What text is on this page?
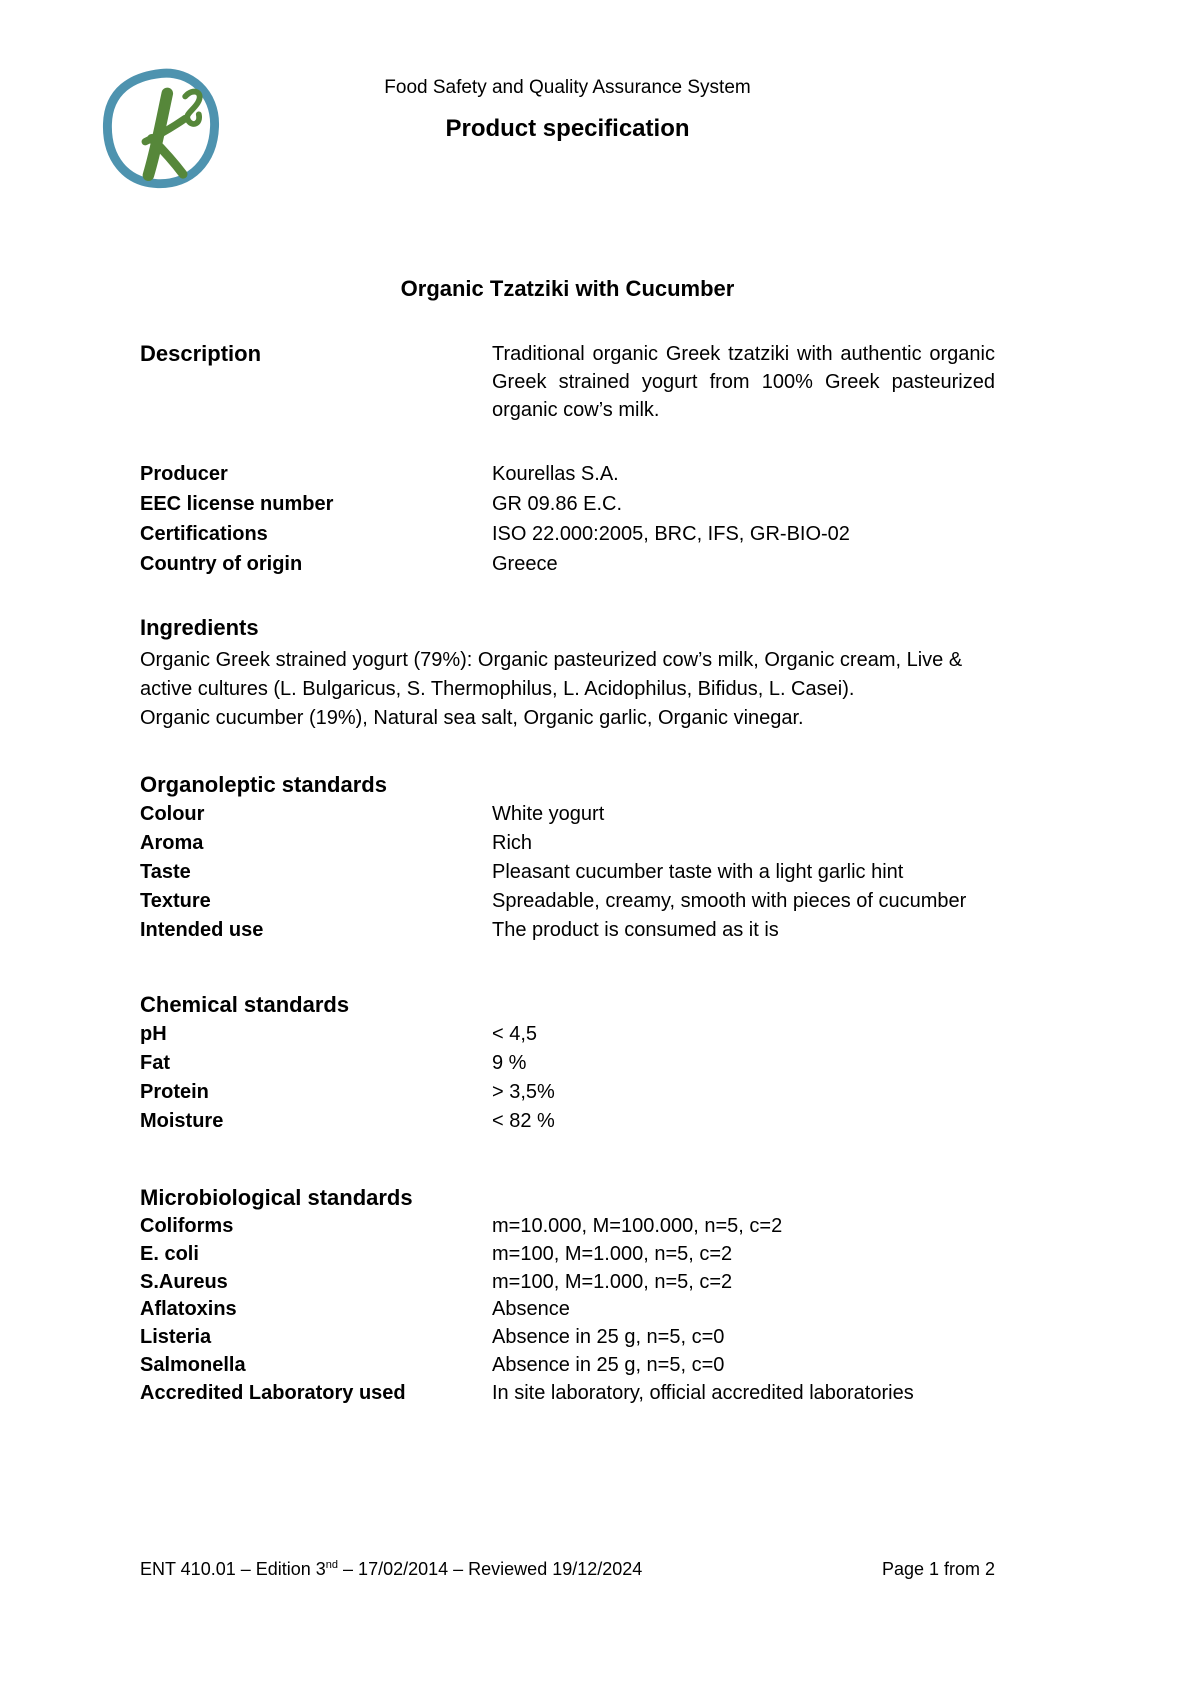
Food Safety and Quality Assurance System
Product specification
Organic Tzatziki with Cucumber
Description	Traditional organic Greek tzatziki with authentic organic Greek strained yogurt from 100% Greek pasteurized organic cow’s milk.
Producer	Kourellas S.A.
EEC license number	GR 09.86 E.C.
Certifications	ISO 22.000:2005, BRC, IFS, GR-BIO-02
Country of origin	Greece
Ingredients

Organic Greek strained yogurt (79%): Organic pasteurized cow’s milk, Organic cream, Live & active cultures (L. Bulgaricus, S. Thermophilus, L. Acidophilus, Bifidus, L. Casei).

Organic cucumber (19%), Natural sea salt, Organic garlic, Organic vinegar.

Organoleptic standards
Colour	White yogurt
Aroma	Rich
Taste	Pleasant cucumber taste with a light garlic hint
Texture	Spreadable, creamy, smooth with pieces of cucumber
Intended use	The product is consumed as it is
Chemical standards
pH	< 4,5
Fat	9 %
Protein	> 3,5%
Moisture	< 82 %
Microbiological standards
Coliforms	m=10.000, M=100.000, n=5, c=2
E. coli	m=100, M=1.000, n=5, c=2
S.Aureus	m=100, M=1.000, n=5, c=2
Aflatoxins	Absence
Listeria	Absence in 25 g, n=5, c=0
Salmonella	Absence in 25 g, n=5, c=0
Accredited Laboratory used	In site laboratory, official accredited laboratories
ENT 410.01 – Edition 3nd – 17/02/2014 – Reviewed 19/12/2024	Page 1 from 2
